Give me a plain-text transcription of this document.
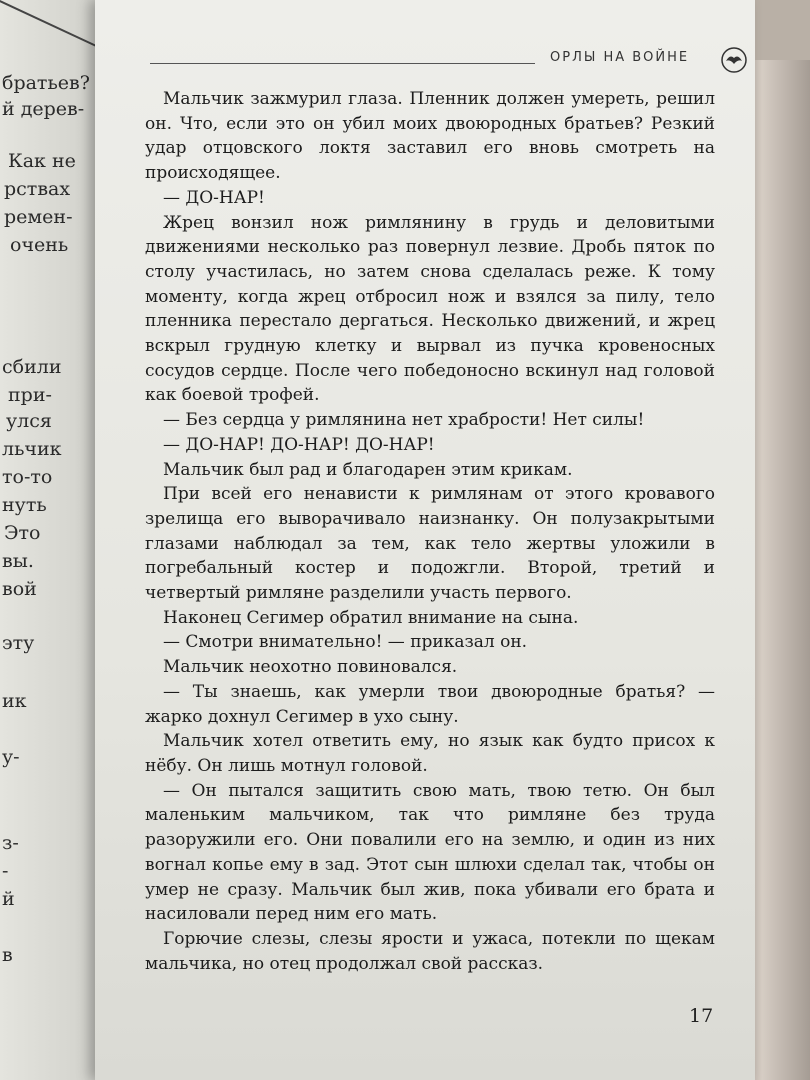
братьев?
й дерев-
Как не
рствах
ремен-
очень
сбили
при-
улся
льчик
то-то
нуть
Это
вы.
вой
эту
ик
у-
з-
-
й
в
ОРЛЫ НА ВОЙНЕ

Мальчик зажмурил глаза. Пленник должен умереть, решил он. Что, если это он убил моих двоюродных братьев? Резкий удар отцовского локтя заставил его вновь смотреть на происходящее.

— ДО-НАР!

Жрец вонзил нож римлянину в грудь и деловитыми движениями несколько раз повернул лезвие. Дробь пяток по столу участилась, но затем снова сделалась реже. К тому моменту, когда жрец отбросил нож и взялся за пилу, тело пленника перестало дергаться. Несколько движений, и жрец вскрыл грудную клетку и вырвал из пучка кровеносных сосудов сердце. После чего победоносно вскинул над головой как боевой трофей.

— Без сердца у римлянина нет храбрости! Нет силы!

— ДО-НАР! ДО-НАР! ДО-НАР!

Мальчик был рад и благодарен этим крикам.

При всей его ненависти к римлянам от этого кровавого зрелища его выворачивало наизнанку. Он полузакрытыми глазами наблюдал за тем, как тело жертвы уложили в погребальный костер и подожгли. Второй, третий и четвертый римляне разделили участь первого.

Наконец Сегимер обратил внимание на сына.

— Смотри внимательно! — приказал он.

Мальчик неохотно повиновался.

— Ты знаешь, как умерли твои двоюродные братья? — жарко дохнул Сегимер в ухо сыну.

Мальчик хотел ответить ему, но язык как будто присох к нёбу. Он лишь мотнул головой.

— Он пытался защитить свою мать, твою тетю. Он был маленьким мальчиком, так что римляне без труда разоружили его. Они повалили его на землю, и один из них вогнал копье ему в зад. Этот сын шлюхи сделал так, чтобы он умер не сразу. Мальчик был жив, пока убивали его брата и насиловали перед ним его мать.

Горючие слезы, слезы ярости и ужаса, потекли по щекам мальчика, но отец продолжал свой рассказ.

17
